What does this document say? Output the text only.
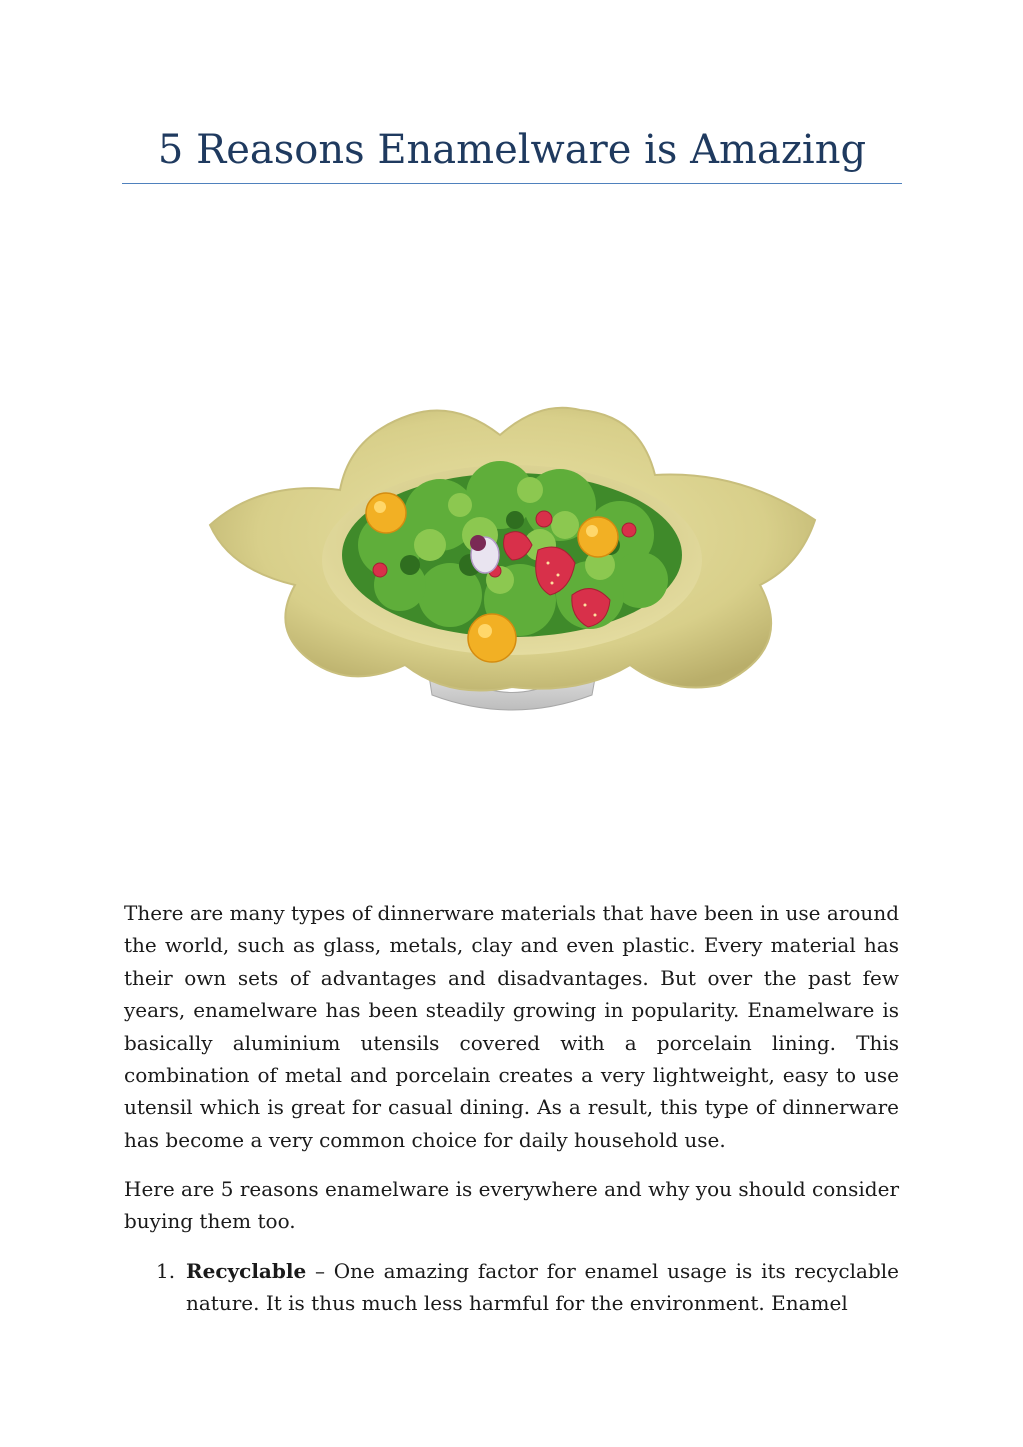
5 Reasons Enamelware is Amazing

There are many types of dinnerware materials that have been in use around the world, such as glass, metals, clay and even plastic. Every material has their own sets of advantages and disadvantages. But over the past few years, enamelware has been steadily growing in popularity. Enamelware is basically aluminium utensils covered with a porcelain lining. This combination of metal and porcelain creates a very lightweight, easy to use utensil which is great for casual dining. As a result, this type of dinnerware has become a very common choice for daily household use.

Here are 5 reasons enamelware is everywhere and why you should consider buying them too.

1. Recyclable – One amazing factor for enamel usage is its recyclable nature. It is thus much less harmful for the environment. Enamel
